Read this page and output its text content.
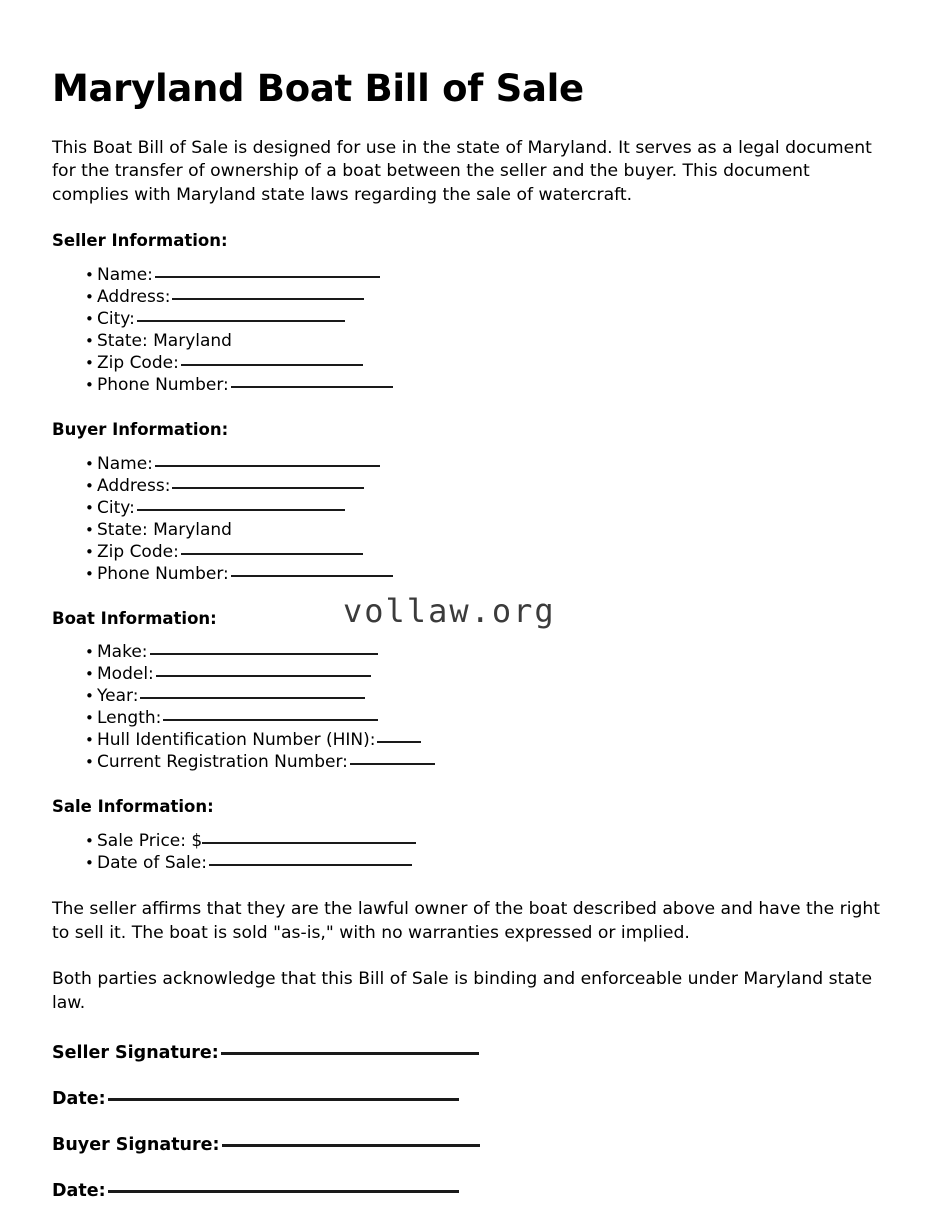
Maryland Boat Bill of Sale

This Boat Bill of Sale is designed for use in the state of Maryland. It serves as a legal document for the transfer of ownership of a boat between the seller and the buyer. This document complies with Maryland state laws regarding the sale of watercraft.

Seller Information:
• Name:
• Address:
• City:
• State: Maryland
• Zip Code:
• Phone Number:
Buyer Information:
• Name:
• Address:
• City:
• State: Maryland
• Zip Code:
• Phone Number:
Boat Information:
• Make:
• Model:
• Year:
• Length:
• Hull Identification Number (HIN):
• Current Registration Number:
Sale Information:
• Sale Price: $
• Date of Sale:

The seller affirms that they are the lawful owner of the boat described above and have the right to sell it. The boat is sold "as-is," with no warranties expressed or implied.

Both parties acknowledge that this Bill of Sale is binding and enforceable under Maryland state law.

Seller Signature:
Date:
Buyer Signature:
Date:
vollaw.org
